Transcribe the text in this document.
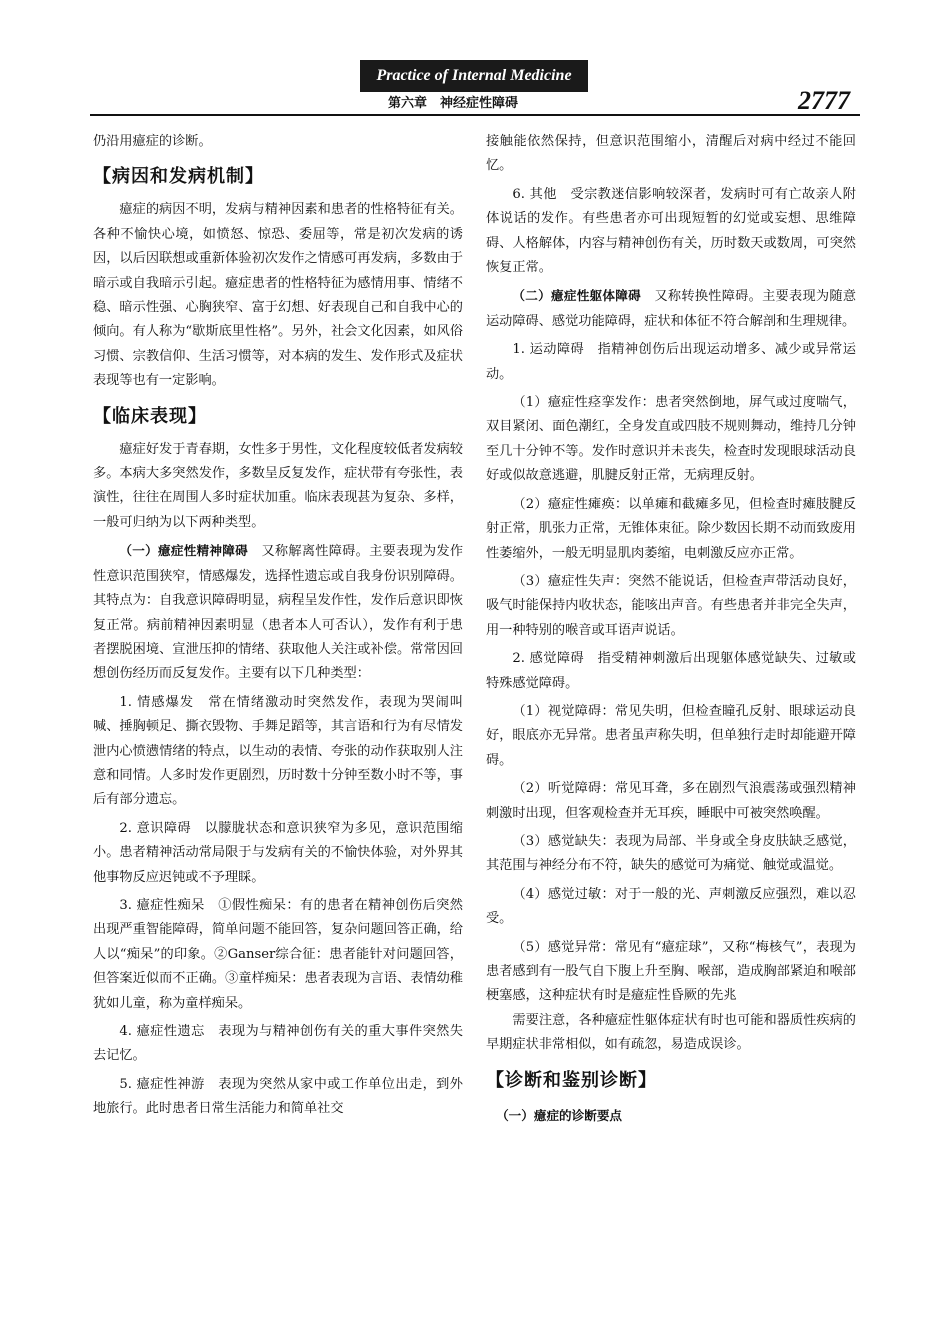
Practice of Internal Medicine
第六章　神经症性障碍	2777

仍沿用癔症的诊断。

【病因和发病机制】

癔症的病因不明，发病与精神因素和患者的性格特征有关。各种不愉快心境，如愤怒、惊恐、委屈等，常是初次发病的诱因，以后因联想或重新体验初次发作之情感可再发病，多数由于暗示或自我暗示引起。癔症患者的性格特征为感情用事、情绪不稳、暗示性强、心胸狭窄、富于幻想、好表现自己和自我中心的倾向。有人称为“歇斯底里性格”。另外，社会文化因素，如风俗习惯、宗教信仰、生活习惯等，对本病的发生、发作形式及症状表现等也有一定影响。

【临床表现】

癔症好发于青春期，女性多于男性，文化程度较低者发病较多。本病大多突然发作，多数呈反复发作，症状带有夸张性，表演性，往往在周围人多时症状加重。临床表现甚为复杂、多样，一般可归纳为以下两种类型。

（一）癔症性精神障碍　又称解离性障碍。主要表现为发作性意识范围狭窄，情感爆发，选择性遗忘或自我身份识别障碍。其特点为：自我意识障碍明显，病程呈发作性，发作后意识即恢复正常。病前精神因素明显（患者本人可否认），发作有利于患者摆脱困境、宣泄压抑的情绪、获取他人关注或补偿。常常因回想创伤经历而反复发作。主要有以下几种类型：

1. 情感爆发　常在情绪激动时突然发作，表现为哭闹叫喊、捶胸顿足、撕衣毁物、手舞足蹈等，其言语和行为有尽情发泄内心愤懑情绪的特点，以生动的表情、夸张的动作获取别人注意和同情。人多时发作更剧烈，历时数十分钟至数小时不等，事后有部分遗忘。

2. 意识障碍　以朦胧状态和意识狭窄为多见，意识范围缩小。患者精神活动常局限于与发病有关的不愉快体验，对外界其他事物反应迟钝或不予理睬。

3. 癔症性痴呆　①假性痴呆：有的患者在精神创伤后突然出现严重智能障碍，简单问题不能回答，复杂问题回答正确，给人以“痴呆”的印象。②Ganser综合征：患者能针对问题回答，但答案近似而不正确。③童样痴呆：患者表现为言语、表情幼稚犹如儿童，称为童样痴呆。

4. 癔症性遗忘　表现为与精神创伤有关的重大事件突然失去记忆。

5. 癔症性神游　表现为突然从家中或工作单位出走，到外地旅行。此时患者日常生活能力和简单社交

接触能依然保持，但意识范围缩小，清醒后对病中经过不能回忆。

6. 其他　受宗教迷信影响较深者，发病时可有亡故亲人附体说话的发作。有些患者亦可出现短暂的幻觉或妄想、思维障碍、人格解体，内容与精神创伤有关，历时数天或数周，可突然恢复正常。

（二）癔症性躯体障碍　又称转换性障碍。主要表现为随意运动障碍、感觉功能障碍，症状和体征不符合解剖和生理规律。

1. 运动障碍　指精神创伤后出现运动增多、减少或异常运动。

（1）癔症性痉挛发作：患者突然倒地，屏气或过度喘气，双目紧闭、面色潮红，全身发直或四肢不规则舞动，维持几分钟至几十分钟不等。发作时意识并未丧失，检查时发现眼球活动良好或似故意逃避，肌腱反射正常，无病理反射。

（2）癔症性瘫痪：以单瘫和截瘫多见，但检查时瘫肢腱反射正常，肌张力正常，无锥体束征。除少数因长期不动而致废用性萎缩外，一般无明显肌肉萎缩，电刺激反应亦正常。

（3）癔症性失声：突然不能说话，但检查声带活动良好，吸气时能保持内收状态，能咳出声音。有些患者并非完全失声，用一种特别的喉音或耳语声说话。

2. 感觉障碍　指受精神刺激后出现躯体感觉缺失、过敏或特殊感觉障碍。

（1）视觉障碍：常见失明，但检查瞳孔反射、眼球运动良好，眼底亦无异常。患者虽声称失明，但单独行走时却能避开障碍。

（2）听觉障碍：常见耳聋，多在剧烈气浪震荡或强烈精神刺激时出现，但客观检查并无耳疾，睡眠中可被突然唤醒。

（3）感觉缺失：表现为局部、半身或全身皮肤缺乏感觉，其范围与神经分布不符，缺失的感觉可为痛觉、触觉或温觉。

（4）感觉过敏：对于一般的光、声刺激反应强烈，难以忍受。

（5）感觉异常：常见有“癔症球”，又称“梅核气”，表现为患者感到有一股气自下腹上升至胸、喉部，造成胸部紧迫和喉部梗塞感，这种症状有时是癔症性昏厥的先兆

需要注意，各种癔症性躯体症状有时也可能和器质性疾病的早期症状非常相似，如有疏忽，易造成误诊。

【诊断和鉴别诊断】
（一）癔症的诊断要点
